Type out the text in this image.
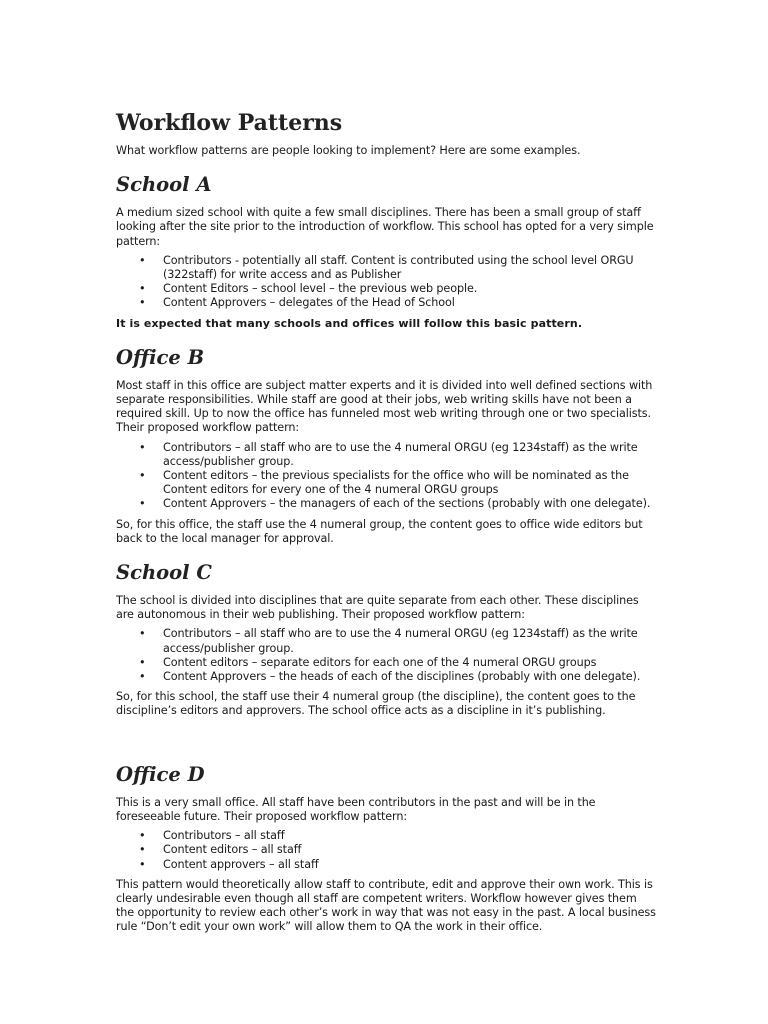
Workflow Patterns

What workflow patterns are people looking to implement? Here are some examples.

School A

A medium sized school with quite a few small disciplines. There has been a small group of staff looking after the site prior to the introduction of workflow. This school has opted for a very simple pattern:

• Contributors - potentially all staff. Content is contributed using the school level ORGU (322staff) for write access and as Publisher
• Content Editors – school level – the previous web people.
• Content Approvers – delegates of the Head of School

It is expected that many schools and offices will follow this basic pattern.

Office B

Most staff in this office are subject matter experts and it is divided into well defined sections with separate responsibilities. While staff are good at their jobs, web writing skills have not been a required skill. Up to now the office has funneled most web writing through one or two specialists. Their proposed workflow pattern:

• Contributors – all staff who are to use the 4 numeral ORGU (eg 1234staff) as the write access/publisher group.
• Content editors – the previous specialists for the office who will be nominated as the Content editors for every one of the 4 numeral ORGU groups
• Content Approvers – the managers of each of the sections (probably with one delegate).

So, for this office, the staff use the 4 numeral group, the content goes to office wide editors but back to the local manager for approval.

School C

The school is divided into disciplines that are quite separate from each other. These disciplines are autonomous in their web publishing. Their proposed workflow pattern:

• Contributors – all staff who are to use the 4 numeral ORGU (eg 1234staff) as the write access/publisher group.
• Content editors – separate editors for each one of the 4 numeral ORGU groups
• Content Approvers – the heads of each of the disciplines (probably with one delegate).

So, for this school, the staff use their 4 numeral group (the discipline), the content goes to the discipline’s editors and approvers. The school office acts as a discipline in it’s publishing.

Office D

This is a very small office. All staff have been contributors in the past and will be in the foreseeable future. Their proposed workflow pattern:

• Contributors – all staff
• Content editors – all staff
• Content approvers – all staff

This pattern would theoretically allow staff to contribute, edit and approve their own work. This is clearly undesirable even though all staff are competent writers. Workflow however gives them the opportunity to review each other’s work in way that was not easy in the past. A local business rule “Don’t edit your own work” will allow them to QA the work in their office.
